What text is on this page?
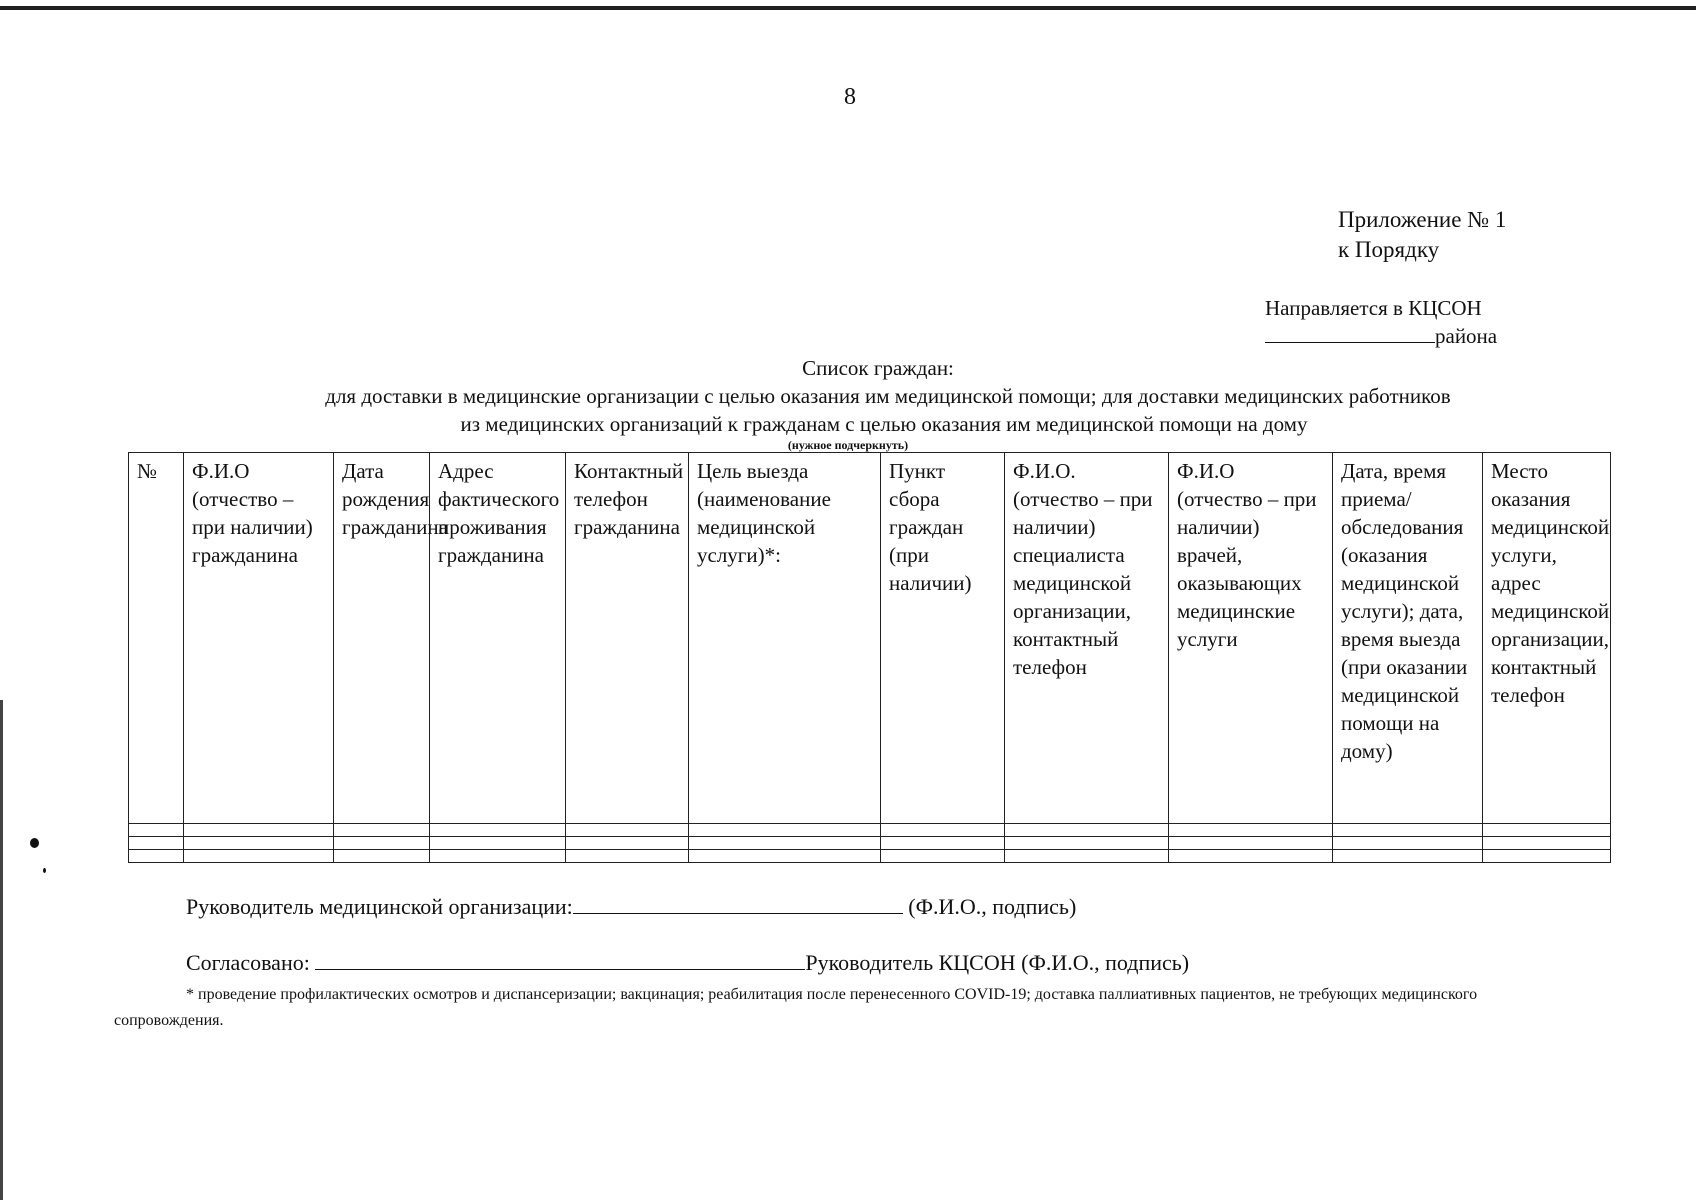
8
Приложение № 1
к Порядку
Направляется в КЦСОН
района
Список граждан:
для доставки в медицинские организации с целью оказания им медицинской помощи; для доставки медицинских работников
из медицинских организаций к гражданам с целью оказания им медицинской помощи на дому
(нужное подчеркнуть)
№	Ф.И.О (отчество – при наличии) гражданина	Дата рождения гражданина	Адрес фактического проживания гражданина	Контактный телефон гражданина	Цель выезда (наименование медицинской услуги)*:	Пункт сбора граждан (при наличии)	Ф.И.О. (отчество – при наличии) специалиста медицинской организации, контактный телефон	Ф.И.О (отчество – при наличии) врачей, оказывающих медицинские услуги	Дата, время приема/ обследования (оказания медицинской услуги); дата, время выезда (при оказании медицинской помощи на дому)	Место оказания медицинской услуги, адрес медицинской организации, контактный телефон

Руководитель медицинской организации:	(Ф.И.О., подпись)
Согласовано:	Руководитель КЦСОН (Ф.И.О., подпись)
* проведение профилактических осмотров и диспансеризации; вакцинация; реабилитация после перенесенного COVID-19; доставка паллиативных пациентов, не требующих медицинского сопровождения.
